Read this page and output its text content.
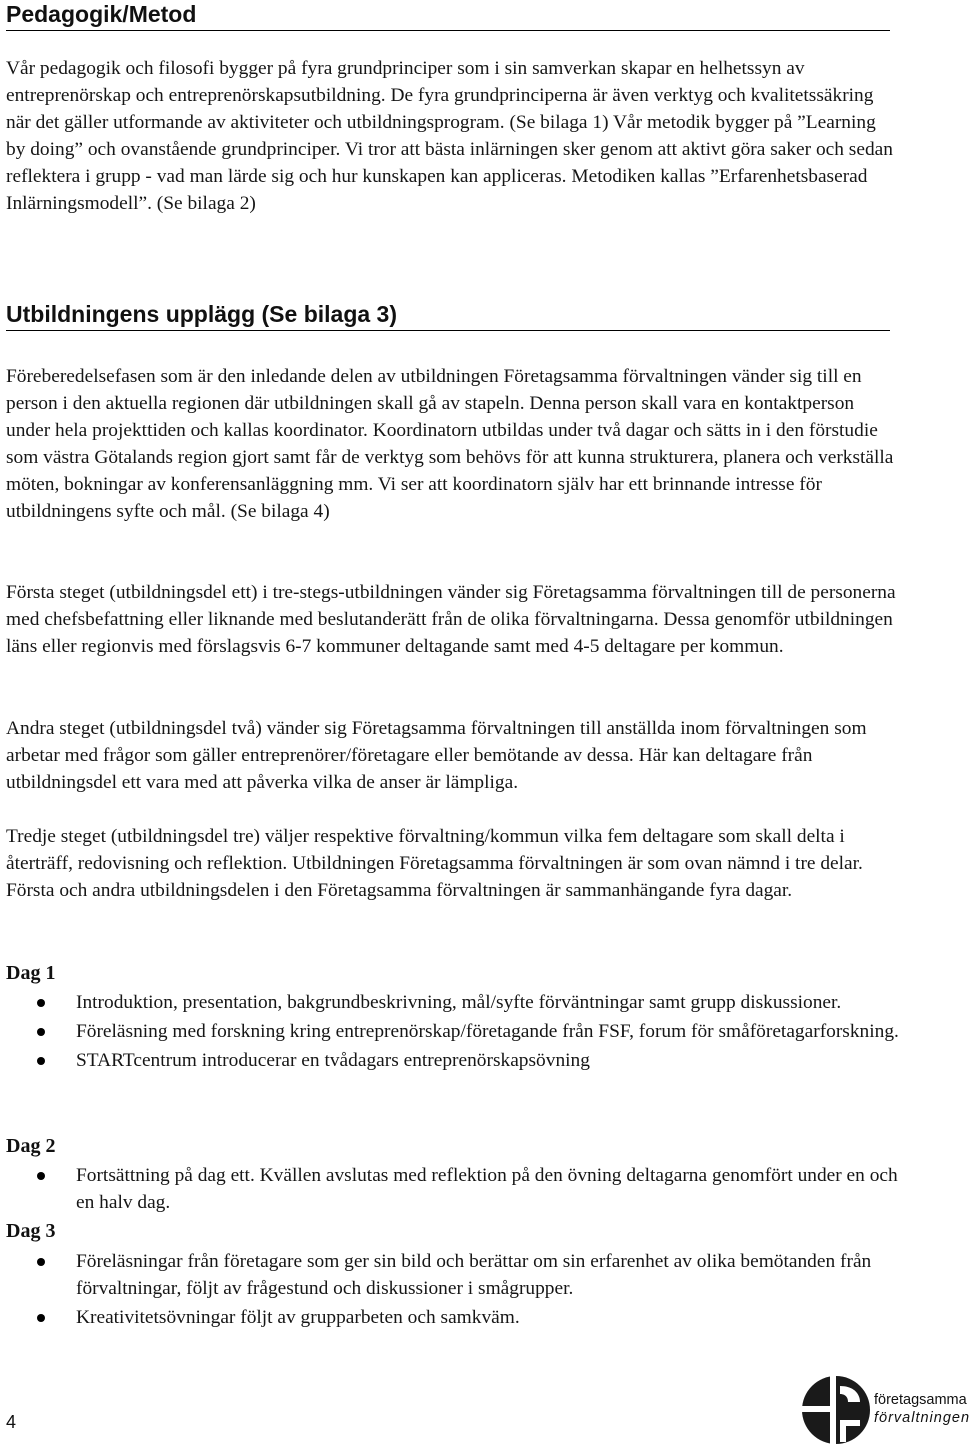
Pedagogik/Metod

Vår pedagogik och filosofi bygger på fyra grundprinciper som i sin samverkan skapar en helhetssyn av entreprenörskap och entreprenörskapsutbildning. De fyra grundprinciperna är även verktyg och kvalitetssäkring när det gäller utformande av aktiviteter och utbildningsprogram. (Se bilaga 1) Vår metodik bygger på ”Learning by doing” och ovanstående grundprinciper. Vi tror att bästa inlärningen sker genom att aktivt göra saker och sedan reflektera i grupp - vad man lärde sig och hur kunskapen kan appliceras. Metodiken kallas ”Erfarenhetsbaserad Inlärningsmodell”. (Se bilaga 2)

Utbildningens upplägg (Se bilaga 3)

Föreberedelsefasen som är den inledande delen av utbildningen Företagsamma förvaltningen vänder sig till en person i den aktuella regionen där utbildningen skall gå av stapeln. Denna person skall vara en kontaktperson under hela projekttiden och kallas koordinator. Koordinatorn utbildas under två dagar och sätts in i den förstudie som västra Götalands region gjort samt får de verktyg som behövs för att kunna strukturera, planera och verkställa möten, bokningar av konferensanläggning mm. Vi ser att koordinatorn själv har ett brinnande intresse för utbildningens syfte och mål. (Se bilaga 4)

Första steget (utbildningsdel ett) i tre-stegs-utbildningen vänder sig Företagsamma förvaltningen till de personerna med chefsbefattning eller liknande med beslutanderätt från de olika förvaltningarna. Dessa genomför utbildningen läns eller regionvis med förslagsvis 6-7 kommuner deltagande samt med 4-5 deltagare per kommun.

Andra steget (utbildningsdel två) vänder sig Företagsamma förvaltningen till anställda inom förvaltningen som arbetar med frågor som gäller entreprenörer/företagare eller bemötande av dessa. Här kan deltagare från utbildningsdel ett vara med att påverka vilka de anser är lämpliga.

Tredje steget (utbildningsdel tre) väljer respektive förvaltning/kommun vilka fem deltagare som skall delta i återträff, redovisning och reflektion. Utbildningen Företagsamma förvaltningen är som ovan nämnd i tre delar. Första och andra utbildningsdelen i den Företagsamma förvaltningen är sammanhängande fyra dagar.

Dag 1
Introduktion, presentation, bakgrundbeskrivning, mål/syfte förväntningar samt grupp diskussioner.
Föreläsning med forskning kring entreprenörskap/företagande från FSF, forum för småföretagarforskning.
STARTcentrum introducerar en tvådagars entreprenörskapsövning
Dag 2
Fortsättning på dag ett. Kvällen avslutas med reflektion på den övning deltagarna genomfört under en och en halv dag.
Dag 3
Föreläsningar från företagare som ger sin bild och berättar om sin erfarenhet av olika bemötanden från förvaltningar, följt av frågestund och diskussioner i smågrupper.
Kreativitetsövningar följt av grupparbeten och samkväm.
4
företagsamma
förvaltningen
